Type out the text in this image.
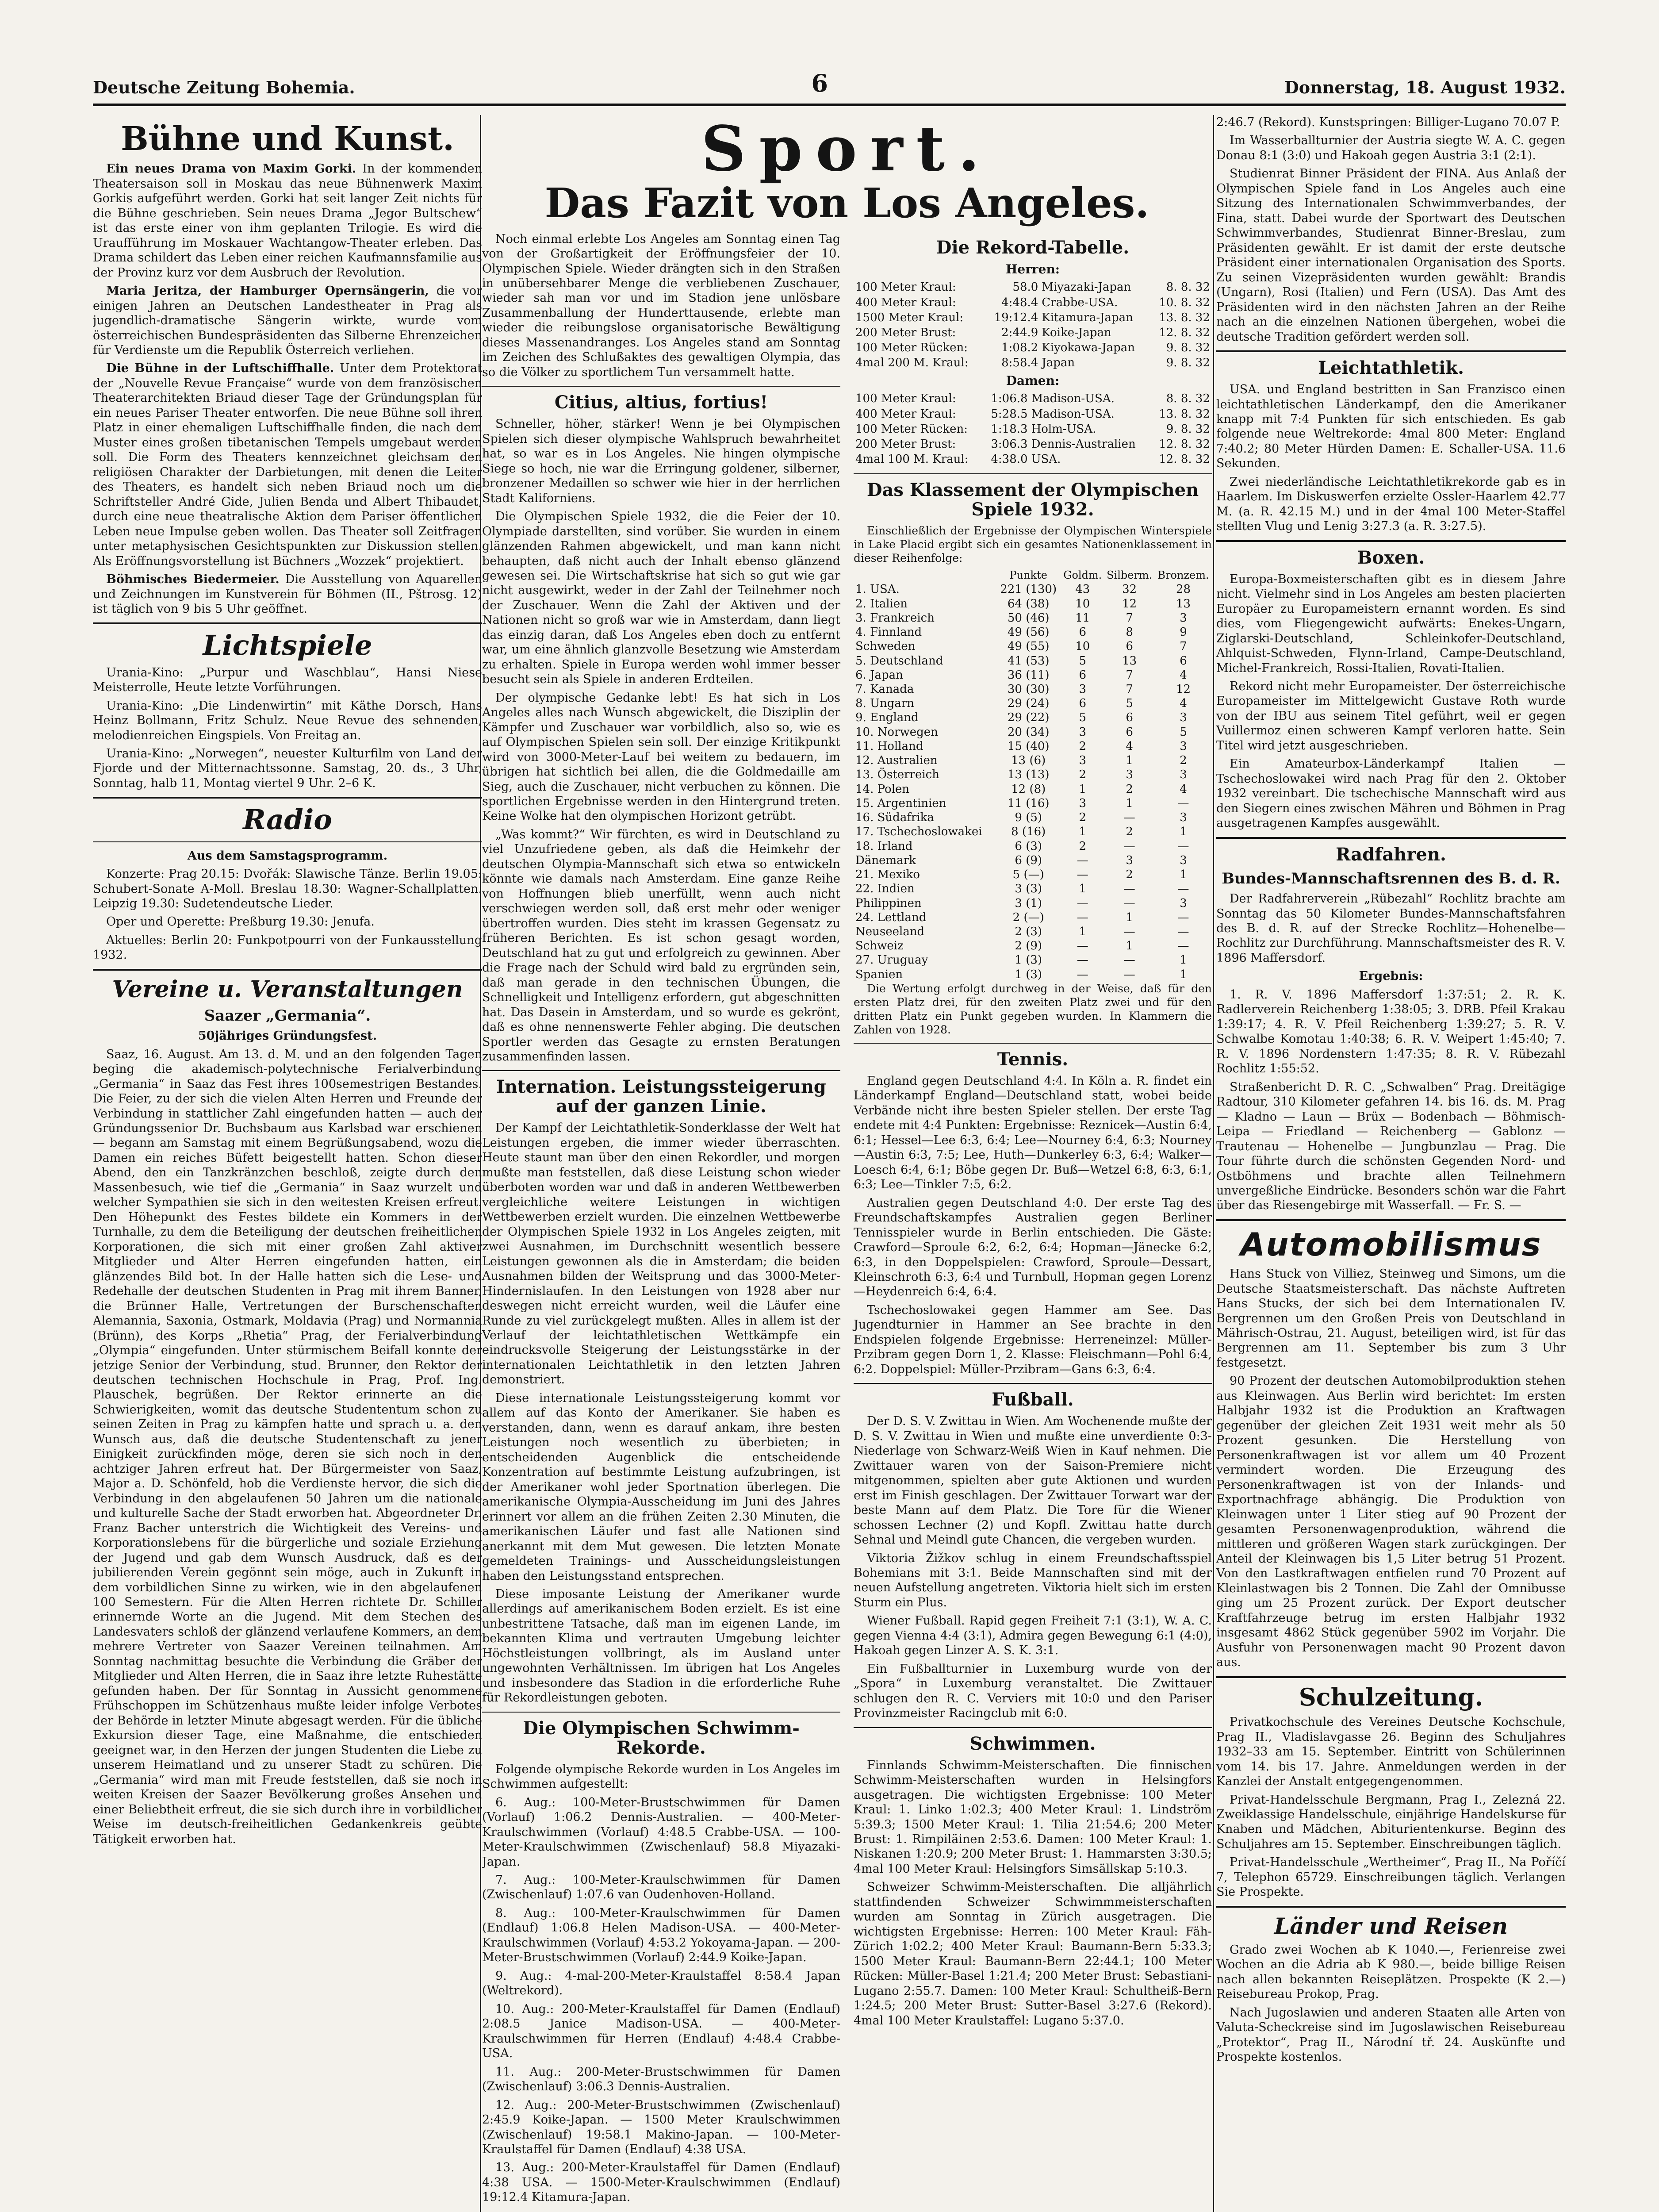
Deutsche Zeitung Bohemia.	6	Donnerstag, 18. August 1932.
Bühne und Kunst.

Ein neues Drama von Maxim Gorki. In der kommenden Theatersaison soll in Moskau das neue Bühnenwerk Maxim Gorkis aufgeführt werden. Gorki hat seit langer Zeit nichts für die Bühne geschrieben. Sein neues Drama „Jegor Bultschew“ ist das erste einer von ihm geplanten Trilogie. Es wird die Uraufführung im Moskauer Wachtangow-Theater erleben. Das Drama schildert das Leben einer reichen Kaufmannsfamilie aus der Provinz kurz vor dem Ausbruch der Revolution.

Maria Jeritza, der Hamburger Opernsängerin, die vor einigen Jahren an Deutschen Landestheater in Prag als jugendlich-dramatische Sängerin wirkte, wurde vom österreichischen Bundespräsidenten das Silberne Ehrenzeichen für Verdienste um die Republik Österreich verliehen.

Die Bühne in der Luftschiffhalle. Unter dem Protektorat der „Nouvelle Revue Française“ wurde von dem französischen Theaterarchitekten Briaud dieser Tage der Gründungsplan für ein neues Pariser Theater entworfen. Die neue Bühne soll ihren Platz in einer ehemaligen Luftschiffhalle finden, die nach dem Muster eines großen tibetanischen Tempels umgebaut werden soll. Die Form des Theaters kennzeichnet gleichsam den religiösen Charakter der Darbietungen, mit denen die Leiter des Theaters, es handelt sich neben Briaud noch um die Schriftsteller André Gide, Julien Benda und Albert Thibaudet, durch eine neue theatralische Aktion dem Pariser öffentlichen Leben neue Impulse geben wollen. Das Theater soll Zeitfragen unter metaphysischen Gesichtspunkten zur Diskussion stellen. Als Eröffnungsvorstellung ist Büchners „Wozzek“ projektiert.

Böhmisches Biedermeier. Die Ausstellung von Aquarellen und Zeichnungen im Kunstverein für Böhmen (II., Pštrosg. 12) ist täglich von 9 bis 5 Uhr geöffnet.

Lichtspiele

Urania-Kino: „Purpur und Waschblau“, Hansi Niese Meisterrolle, Heute letzte Vorführungen.

Urania-Kino: „Die Lindenwirtin“ mit Käthe Dorsch, Hans Heinz Bollmann, Fritz Schulz. Neue Revue des sehnenden, melodienreichen Eingspiels. Von Freitag an.

Urania-Kino: „Norwegen“, neuester Kulturfilm von Land der Fjorde und der Mitternachtssonne. Samstag, 20. ds., 3 Uhr, Sonntag, halb 11, Montag viertel 9 Uhr. 2–6 K.

Radio

Aus dem Samstagsprogramm.

Konzerte: Prag 20.15: Dvořák: Slawische Tänze. Berlin 19.05: Schubert-Sonate A-Moll. Breslau 18.30: Wagner-Schallplatten. Leipzig 19.30: Sudetendeutsche Lieder.

Oper und Operette: Preßburg 19.30: Jenufa.

Aktuelles: Berlin 20: Funkpotpourri von der Funkausstellung 1932.

Vereine u. Veranstaltungen

Saazer „Germania“.

50jähriges Gründungsfest.

Saaz, 16. August. Am 13. d. M. und an den folgenden Tagen beging die akademisch-polytechnische Ferialverbindung „Germania“ in Saaz das Fest ihres 100semestrigen Bestandes. Die Feier, zu der sich die vielen Alten Herren und Freunde der Verbindung in stattlicher Zahl eingefunden hatten — auch der Gründungssenior Dr. Buchsbaum aus Karlsbad war erschienen — begann am Samstag mit einem Begrüßungsabend, wozu die Damen ein reiches Büfett beigestellt hatten. Schon dieser Abend, den ein Tanzkränzchen beschloß, zeigte durch den Massenbesuch, wie tief die „Germania“ in Saaz wurzelt und welcher Sympathien sie sich in den weitesten Kreisen erfreut. Den Höhepunkt des Festes bildete ein Kommers in der Turnhalle, zu dem die Beteiligung der deutschen freiheitlichen Korporationen, die sich mit einer großen Zahl aktiver Mitglieder und Alter Herren eingefunden hatten, ein glänzendes Bild bot. In der Halle hatten sich die Lese- und Redehalle der deutschen Studenten in Prag mit ihrem Banner, die Brünner Halle, Vertretungen der Burschenschaften Alemannia, Saxonia, Ostmark, Moldavia (Prag) und Normannia (Brünn), des Korps „Rhetia“ Prag, der Ferialverbindung „Olympia“ eingefunden. Unter stürmischem Beifall konnte der jetzige Senior der Verbindung, stud. Brunner, den Rektor der deutschen technischen Hochschule in Prag, Prof. Ing. Plauschek, begrüßen. Der Rektor erinnerte an die Schwierigkeiten, womit das deutsche Studententum schon zu seinen Zeiten in Prag zu kämpfen hatte und sprach u. a. den Wunsch aus, daß die deutsche Studentenschaft zu jener Einigkeit zurückfinden möge, deren sie sich noch in den achtziger Jahren erfreut hat. Der Bürgermeister von Saaz, Major a. D. Schönfeld, hob die Verdienste hervor, die sich die Verbindung in den abgelaufenen 50 Jahren um die nationale und kulturelle Sache der Stadt erworben hat. Abgeordneter Dr. Franz Bacher unterstrich die Wichtigkeit des Vereins- und Korporationslebens für die bürgerliche und soziale Erziehung der Jugend und gab dem Wunsch Ausdruck, daß es der jubilierenden Verein gegönnt sein möge, auch in Zukunft in dem vorbildlichen Sinne zu wirken, wie in den abgelaufenen 100 Semestern. Für die Alten Herren richtete Dr. Schiller erinnernde Worte an die Jugend. Mit dem Stechen des Landesvaters schloß der glänzend verlaufene Kommers, an dem mehrere Vertreter von Saazer Vereinen teilnahmen. Am Sonntag nachmittag besuchte die Verbindung die Gräber der Mitglieder und Alten Herren, die in Saaz ihre letzte Ruhestätte gefunden haben. Der für Sonntag in Aussicht genommene Frühschoppen im Schützenhaus mußte leider infolge Verbotes der Behörde in letzter Minute abgesagt werden. Für die übliche Exkursion dieser Tage, eine Maßnahme, die entschieden geeignet war, in den Herzen der jungen Studenten die Liebe zu unserem Heimatland und zu unserer Stadt zu schüren. Die „Germania“ wird man mit Freude feststellen, daß sie noch in weiten Kreisen der Saazer Bevölkerung großes Ansehen und einer Beliebtheit erfreut, die sie sich durch ihre in vorbildlicher Weise im deutsch-freiheitlichen Gedankenkreis geübte Tätigkeit erworben hat.

Sport.
Das Fazit von Los Angeles.

Noch einmal erlebte Los Angeles am Sonntag einen Tag von der Großartigkeit der Eröffnungsfeier der 10. Olympischen Spiele. Wieder drängten sich in den Straßen in unübersehbarer Menge die verbliebenen Zuschauer, wieder sah man vor und im Stadion jene unlösbare Zusammenballung der Hunderttausende, erlebte man wieder die reibungslose organisatorische Bewältigung dieses Massenandranges. Los Angeles stand am Sonntag im Zeichen des Schlußaktes des gewaltigen Olympia, das so die Völker zu sportlichem Tun versammelt hatte.

Citius, altius, fortius!

Schneller, höher, stärker! Wenn je bei Olympischen Spielen sich dieser olympische Wahlspruch bewahrheitet hat, so war es in Los Angeles. Nie hingen olympische Siege so hoch, nie war die Erringung goldener, silberner, bronzener Medaillen so schwer wie hier in der herrlichen Stadt Kaliforniens.

Die Olympischen Spiele 1932, die die Feier der 10. Olympiade darstellten, sind vorüber. Sie wurden in einem glänzenden Rahmen abgewickelt, und man kann nicht behaupten, daß nicht auch der Inhalt ebenso glänzend gewesen sei. Die Wirtschaftskrise hat sich so gut wie gar nicht ausgewirkt, weder in der Zahl der Teilnehmer noch der Zuschauer. Wenn die Zahl der Aktiven und der Nationen nicht so groß war wie in Amsterdam, dann liegt das einzig daran, daß Los Angeles eben doch zu entfernt war, um eine ähnlich glanzvolle Besetzung wie Amsterdam zu erhalten. Spiele in Europa werden wohl immer besser besucht sein als Spiele in anderen Erdteilen.

Der olympische Gedanke lebt! Es hat sich in Los Angeles alles nach Wunsch abgewickelt, die Disziplin der Kämpfer und Zuschauer war vorbildlich, also so, wie es auf Olympischen Spielen sein soll. Der einzige Kritikpunkt wird von 3000-Meter-Lauf bei weitem zu bedauern, im übrigen hat sichtlich bei allen, die die Goldmedaille am Sieg, auch die Zuschauer, nicht verbuchen zu können. Die sportlichen Ergebnisse werden in den Hintergrund treten. Keine Wolke hat den olympischen Horizont getrübt.

„Was kommt?“ Wir fürchten, es wird in Deutschland zu viel Unzufriedene geben, als daß die Heimkehr der deutschen Olympia-Mannschaft sich etwa so entwickeln könnte wie damals nach Amsterdam. Eine ganze Reihe von Hoffnungen blieb unerfüllt, wenn auch nicht verschwiegen werden soll, daß erst mehr oder weniger übertroffen wurden. Dies steht im krassen Gegensatz zu früheren Berichten. Es ist schon gesagt worden, Deutschland hat zu gut und erfolgreich zu gewinnen. Aber die Frage nach der Schuld wird bald zu ergründen sein, daß man gerade in den technischen Übungen, die Schnelligkeit und Intelligenz erfordern, gut abgeschnitten hat. Das Dasein in Amsterdam, und so wurde es gekrönt, daß es ohne nennenswerte Fehler abging. Die deutschen Sportler werden das Gesagte zu ernsten Beratungen zusammenfinden lassen.

Internation. Leistungssteigerung auf der ganzen Linie.

Der Kampf der Leichtathletik-Sonderklasse der Welt hat Leistungen ergeben, die immer wieder überraschten. Heute staunt man über den einen Rekordler, und morgen mußte man feststellen, daß diese Leistung schon wieder überboten worden war und daß in anderen Wettbewerben vergleichliche weitere Leistungen in wichtigen Wettbewerben erzielt wurden. Die einzelnen Wettbewerbe der Olympischen Spiele 1932 in Los Angeles zeigten, mit zwei Ausnahmen, im Durchschnitt wesentlich bessere Leistungen gewonnen als die in Amsterdam; die beiden Ausnahmen bilden der Weitsprung und das 3000-Meter-Hindernislaufen. In den Leistungen von 1928 aber nur deswegen nicht erreicht wurden, weil die Läufer eine Runde zu viel zurückgelegt mußten. Alles in allem ist der Verlauf der leichtathletischen Wettkämpfe ein eindrucksvolle Steigerung der Leistungsstärke in der internationalen Leichtathletik in den letzten Jahren demonstriert.

Diese internationale Leistungssteigerung kommt vor allem auf das Konto der Amerikaner. Sie haben es verstanden, dann, wenn es darauf ankam, ihre besten Leistungen noch wesentlich zu überbieten; in entscheidenden Augenblick die entscheidende Konzentration auf bestimmte Leistung aufzubringen, ist der Amerikaner wohl jeder Sportnation überlegen. Die amerikanische Olympia-Ausscheidung im Juni des Jahres erinnert vor allem an die frühen Zeiten 2.30 Minuten, die amerikanischen Läufer und fast alle Nationen sind anerkannt mit dem Mut gewesen. Die letzten Monate gemeldeten Trainings- und Ausscheidungsleistungen haben den Leistungsstand entsprechen.

Diese imposante Leistung der Amerikaner wurde allerdings auf amerikanischem Boden erzielt. Es ist eine unbestrittene Tatsache, daß man im eigenen Lande, im bekannten Klima und vertrauten Umgebung leichter Höchstleistungen vollbringt, als im Ausland unter ungewohnten Verhältnissen. Im übrigen hat Los Angeles und insbesondere das Stadion in die erforderliche Ruhe für Rekordleistungen geboten.

Die Olympischen Schwimm-Rekorde.

Folgende olympische Rekorde wurden in Los Angeles im Schwimmen aufgestellt:

6. Aug.: 100-Meter-Brustschwimmen für Damen (Vorlauf) 1:06.2 Dennis-Australien. — 400-Meter-Kraulschwimmen (Vorlauf) 4:48.5 Crabbe-USA. — 100-Meter-Kraulschwimmen (Zwischenlauf) 58.8 Miyazaki-Japan.

7. Aug.: 100-Meter-Kraulschwimmen für Damen (Zwischenlauf) 1:07.6 van Oudenhoven-Holland.

8. Aug.: 100-Meter-Kraulschwimmen für Damen (Endlauf) 1:06.8 Helen Madison-USA. — 400-Meter-Kraulschwimmen (Vorlauf) 4:53.2 Yokoyama-Japan. — 200-Meter-Brustschwimmen (Vorlauf) 2:44.9 Koike-Japan.

9. Aug.: 4-mal-200-Meter-Kraulstaffel 8:58.4 Japan (Weltrekord).

10. Aug.: 200-Meter-Kraulstaffel für Damen (Endlauf) 2:08.5 Janice Madison-USA. — 400-Meter-Kraulschwimmen für Herren (Endlauf) 4:48.4 Crabbe-USA.

11. Aug.: 200-Meter-Brustschwimmen für Damen (Zwischenlauf) 3:06.3 Dennis-Australien.

12. Aug.: 200-Meter-Brustschwimmen (Zwischenlauf) 2:45.9 Koike-Japan. — 1500 Meter Kraulschwimmen (Zwischenlauf) 19:58.1 Makino-Japan. — 100-Meter-Kraulstaffel für Damen (Endlauf) 4:38 USA.

13. Aug.: 200-Meter-Kraulstaffel für Damen (Endlauf) 4:38 USA. — 1500-Meter-Kraulschwimmen (Endlauf) 19:12.4 Kitamura-Japan.

Die Rekord-Tabelle.
Herren:
100 Meter Kraul:	58.0	Miyazaki-Japan	8. 8. 32
400 Meter Kraul:	4:48.4	Crabbe-USA.	10. 8. 32
1500 Meter Kraul:	19:12.4	Kitamura-Japan	13. 8. 32
200 Meter Brust:	2:44.9	Koike-Japan	12. 8. 32
100 Meter Rücken:	1:08.2	Kiyokawa-Japan	9. 8. 32
4mal 200 M. Kraul:	8:58.4	Japan	9. 8. 32
Damen:
100 Meter Kraul:	1:06.8	Madison-USA.	8. 8. 32
400 Meter Kraul:	5:28.5	Madison-USA.	13. 8. 32
100 Meter Rücken:	1:18.3	Holm-USA.	9. 8. 32
200 Meter Brust:	3:06.3	Dennis-Australien	12. 8. 32
4mal 100 M. Kraul:	4:38.0	USA.	12. 8. 32
Das Klassement der Olympischen Spiele 1932.

Einschließlich der Ergebnisse der Olympischen Winterspiele in Lake Placid ergibt sich ein gesamtes Nationenklassement in dieser Reihenfolge:

	Punkte	Goldm.	Silberm.	Bronzem.
1. USA.	221 (130)	43	32	28
2. Italien	64 (38)	10	12	13
3. Frankreich	50 (46)	11	7	3
4. Finnland	49 (56)	6	8	9
Schweden	49 (55)	10	6	7
5. Deutschland	41 (53)	5	13	6
6. Japan	36 (11)	6	7	4
7. Kanada	30 (30)	3	7	12
8. Ungarn	29 (24)	6	5	4
9. England	29 (22)	5	6	3
10. Norwegen	20 (34)	3	6	5
11. Holland	15 (40)	2	4	3
12. Australien	13 (6)	3	1	2
13. Österreich	13 (13)	2	3	3
14. Polen	12 (8)	1	2	4
15. Argentinien	11 (16)	3	1	—
16. Südafrika	9 (5)	2	—	3
17. Tschechoslowakei	8 (16)	1	2	1
18. Irland	6 (3)	2	—	—
Dänemark	6 (9)	—	3	3
21. Mexiko	5 (—)	—	2	1
22. Indien	3 (3)	1	—	—
Philippinen	3 (1)	—	—	3
24. Lettland	2 (—)	—	1	—
Neuseeland	2 (3)	1	—	—
Schweiz	2 (9)	—	1	—
27. Uruguay	1 (3)	—	—	1
Spanien	1 (3)	—	—	1

Die Wertung erfolgt durchweg in der Weise, daß für den ersten Platz drei, für den zweiten Platz zwei und für den dritten Platz ein Punkt gegeben wurden. In Klammern die Zahlen von 1928.

Tennis.

England gegen Deutschland 4:4. In Köln a. R. findet ein Länderkampf England—Deutschland statt, wobei beide Verbände nicht ihre besten Spieler stellen. Der erste Tag endete mit 4:4 Punkten: Ergebnisse: Reznicek—Austin 6:4, 6:1; Hessel—Lee 6:3, 6:4; Lee—Nourney 6:4, 6:3; Nourney—Austin 6:3, 7:5; Lee, Huth—Dunkerley 6:3, 6:4; Walker—Loesch 6:4, 6:1; Böbe gegen Dr. Buß—Wetzel 6:8, 6:3, 6:1, 6:3; Lee—Tinkler 7:5, 6:2.

Australien gegen Deutschland 4:0. Der erste Tag des Freundschaftskampfes Australien gegen Berliner Tennisspieler wurde in Berlin entschieden. Die Gäste: Crawford—Sproule 6:2, 6:2, 6:4; Hopman—Jänecke 6:2, 6:3, in den Doppelspielen: Crawford, Sproule—Dessart, Kleinschroth 6:3, 6:4 und Turnbull, Hopman gegen Lorenz—Heydenreich 6:4, 6:4.

Tschechoslowakei gegen Hammer am See. Das Jugendturnier in Hammer an See brachte in den Endspielen folgende Ergebnisse: Herreneinzel: Müller-Przibram gegen Dorn 1, 2. Klasse: Fleischmann—Pohl 6:4, 6:2. Doppelspiel: Müller-Przibram—Gans 6:3, 6:4.

Fußball.

Der D. S. V. Zwittau in Wien. Am Wochenende mußte der D. S. V. Zwittau in Wien und mußte eine unverdiente 0:3-Niederlage von Schwarz-Weiß Wien in Kauf nehmen. Die Zwittauer waren von der Saison-Premiere nicht mitgenommen, spielten aber gute Aktionen und wurden erst im Finish geschlagen. Der Zwittauer Torwart war der beste Mann auf dem Platz. Die Tore für die Wiener schossen Lechner (2) und Kopfl. Zwittau hatte durch Sehnal und Meindl gute Chancen, die vergeben wurden.

Viktoria Žižkov schlug in einem Freundschaftsspiel Bohemians mit 3:1. Beide Mannschaften sind mit der neuen Aufstellung angetreten. Viktoria hielt sich im ersten Sturm ein Plus.

Wiener Fußball. Rapid gegen Freiheit 7:1 (3:1), W. A. C. gegen Vienna 4:4 (3:1), Admira gegen Bewegung 6:1 (4:0), Hakoah gegen Linzer A. S. K. 3:1.

Ein Fußballturnier in Luxemburg wurde von der „Spora“ in Luxemburg veranstaltet. Die Zwittauer schlugen den R. C. Verviers mit 10:0 und den Pariser Provinzmeister Racingclub mit 6:0.

Schwimmen.

Finnlands Schwimm-Meisterschaften. Die finnischen Schwimm-Meisterschaften wurden in Helsingfors ausgetragen. Die wichtigsten Ergebnisse: 100 Meter Kraul: 1. Linko 1:02.3; 400 Meter Kraul: 1. Lindström 5:39.3; 1500 Meter Kraul: 1. Tilia 21:54.6; 200 Meter Brust: 1. Rimpiläinen 2:53.6. Damen: 100 Meter Kraul: 1. Niskanen 1:20.9; 200 Meter Brust: 1. Hammarsten 3:30.5; 4mal 100 Meter Kraul: Helsingfors Simsällskap 5:10.3.

Schweizer Schwimm-Meisterschaften. Die alljährlich stattfindenden Schweizer Schwimmmeisterschaften wurden am Sonntag in Zürich ausgetragen. Die wichtigsten Ergebnisse: Herren: 100 Meter Kraul: Fäh-Zürich 1:02.2; 400 Meter Kraul: Baumann-Bern 5:33.3; 1500 Meter Kraul: Baumann-Bern 22:44.1; 100 Meter Rücken: Müller-Basel 1:21.4; 200 Meter Brust: Sebastiani-Lugano 2:55.7. Damen: 100 Meter Kraul: Schultheiß-Bern 1:24.5; 200 Meter Brust: Sutter-Basel 3:27.6 (Rekord). 4mal 100 Meter Kraulstaffel: Lugano 5:37.0.

2:46.7 (Rekord). Kunstspringen: Billiger-Lugano 70.07 P.

Im Wasserballturnier der Austria siegte W. A. C. gegen Donau 8:1 (3:0) und Hakoah gegen Austria 3:1 (2:1).

Studienrat Binner Präsident der FINA. Aus Anlaß der Olympischen Spiele fand in Los Angeles auch eine Sitzung des Internationalen Schwimmverbandes, der Fina, statt. Dabei wurde der Sportwart des Deutschen Schwimmverbandes, Studienrat Binner-Breslau, zum Präsidenten gewählt. Er ist damit der erste deutsche Präsident einer internationalen Organisation des Sports. Zu seinen Vizepräsidenten wurden gewählt: Brandis (Ungarn), Rosi (Italien) und Fern (USA). Das Amt des Präsidenten wird in den nächsten Jahren an der Reihe nach an die einzelnen Nationen übergehen, wobei die deutsche Tradition gefördert werden soll.

Leichtathletik.

USA. und England bestritten in San Franzisco einen leichtathletischen Länderkampf, den die Amerikaner knapp mit 7:4 Punkten für sich entschieden. Es gab folgende neue Weltrekorde: 4mal 800 Meter: England 7:40.2; 80 Meter Hürden Damen: E. Schaller-USA. 11.6 Sekunden.

Zwei niederländische Leichtathletikrekorde gab es in Haarlem. Im Diskuswerfen erzielte Ossler-Haarlem 42.77 M. (a. R. 42.15 M.) und in der 4mal 100 Meter-Staffel stellten Vlug und Lenig 3:27.3 (a. R. 3:27.5).

Boxen.

Europa-Boxmeisterschaften gibt es in diesem Jahre nicht. Vielmehr sind in Los Angeles am besten placierten Europäer zu Europameistern ernannt worden. Es sind dies, vom Fliegengewicht aufwärts: Enekes-Ungarn, Ziglarski-Deutschland, Schleinkofer-Deutschland, Ahlquist-Schweden, Flynn-Irland, Campe-Deutschland, Michel-Frankreich, Rossi-Italien, Rovati-Italien.

Rekord nicht mehr Europameister. Der österreichische Europameister im Mittelgewicht Gustave Roth wurde von der IBU aus seinem Titel geführt, weil er gegen Vuillermoz einen schweren Kampf verloren hatte. Sein Titel wird jetzt ausgeschrieben.

Ein Amateurbox-Länderkampf Italien — Tschechoslowakei wird nach Prag für den 2. Oktober 1932 vereinbart. Die tschechische Mannschaft wird aus den Siegern eines zwischen Mähren und Böhmen in Prag ausgetragenen Kampfes ausgewählt.

Radfahren.
Bundes-Mannschaftsrennen des B. d. R.

Der Radfahrerverein „Rübezahl“ Rochlitz brachte am Sonntag das 50 Kilometer Bundes-Mannschaftsfahren des B. d. R. auf der Strecke Rochlitz—Hohenelbe—Rochlitz zur Durchführung. Mannschaftsmeister des R. V. 1896 Maffersdorf.

Ergebnis:

1. R. V. 1896 Maffersdorf 1:37:51; 2. R. K. Radlerverein Reichenberg 1:38:05; 3. DRB. Pfeil Krakau 1:39:17; 4. R. V. Pfeil Reichenberg 1:39:27; 5. R. V. Schwalbe Komotau 1:40:38; 6. R. V. Weipert 1:45:40; 7. R. V. 1896 Nordenstern 1:47:35; 8. R. V. Rübezahl Rochlitz 1:55:52.

Straßenbericht D. R. C. „Schwalben“ Prag. Dreitägige Radtour, 310 Kilometer gefahren 14. bis 16. ds. M. Prag — Kladno — Laun — Brüx — Bodenbach — Böhmisch-Leipa — Friedland — Reichenberg — Gablonz — Trautenau — Hohenelbe — Jungbunzlau — Prag. Die Tour führte durch die schönsten Gegenden Nord- und Ostböhmens und brachte allen Teilnehmern unvergeßliche Eindrücke. Besonders schön war die Fahrt über das Riesengebirge mit Wasserfall. — Fr. S. —

Automobilismus

Hans Stuck von Villiez, Steinweg und Simons, um die Deutsche Staatsmeisterschaft. Das nächste Auftreten Hans Stucks, der sich bei dem Internationalen IV. Bergrennen um den Großen Preis von Deutschland in Mährisch-Ostrau, 21. August, beteiligen wird, ist für das Bergrennen am 11. September bis zum 3 Uhr festgesetzt.

90 Prozent der deutschen Automobilproduktion stehen aus Kleinwagen. Aus Berlin wird berichtet: Im ersten Halbjahr 1932 ist die Produktion an Kraftwagen gegenüber der gleichen Zeit 1931 weit mehr als 50 Prozent gesunken. Die Herstellung von Personenkraftwagen ist vor allem um 40 Prozent vermindert worden. Die Erzeugung des Personenkraftwagen ist von der Inlands- und Exportnachfrage abhängig. Die Produktion von Kleinwagen unter 1 Liter stieg auf 90 Prozent der gesamten Personenwagenproduktion, während die mittleren und größeren Wagen stark zurückgingen. Der Anteil der Kleinwagen bis 1,5 Liter betrug 51 Prozent. Von den Lastkraftwagen entfielen rund 70 Prozent auf Kleinlastwagen bis 2 Tonnen. Die Zahl der Omnibusse ging um 25 Prozent zurück. Der Export deutscher Kraftfahrzeuge betrug im ersten Halbjahr 1932 insgesamt 4862 Stück gegenüber 5902 im Vorjahr. Die Ausfuhr von Personenwagen macht 90 Prozent davon aus.

Schulzeitung.

Privatkochschule des Vereines Deutsche Kochschule, Prag II., Vladislavgasse 26. Beginn des Schuljahres 1932–33 am 15. September. Eintritt von Schülerinnen vom 14. bis 17. Jahre. Anmeldungen werden in der Kanzlei der Anstalt entgegengenommen.

Privat-Handelsschule Bergmann, Prag I., Zelezná 22. Zweiklassige Handelsschule, einjährige Handelskurse für Knaben und Mädchen, Abiturientenkurse. Beginn des Schuljahres am 15. September. Einschreibungen täglich.

Privat-Handelsschule „Wertheimer“, Prag II., Na Poříčí 7, Telephon 65729. Einschreibungen täglich. Verlangen Sie Prospekte.

Länder und Reisen

Grado zwei Wochen ab K 1040.—, Ferienreise zwei Wochen an die Adria ab K 980.—, beide billige Reisen nach allen bekannten Reiseplätzen. Prospekte (K 2.—) Reisebureau Prokop, Prag.

Nach Jugoslawien und anderen Staaten alle Arten von Valuta-Scheckreise sind im Jugoslawischen Reisebureau „Protektor“, Prag II., Národní tř. 24. Auskünfte und Prospekte kostenlos.
